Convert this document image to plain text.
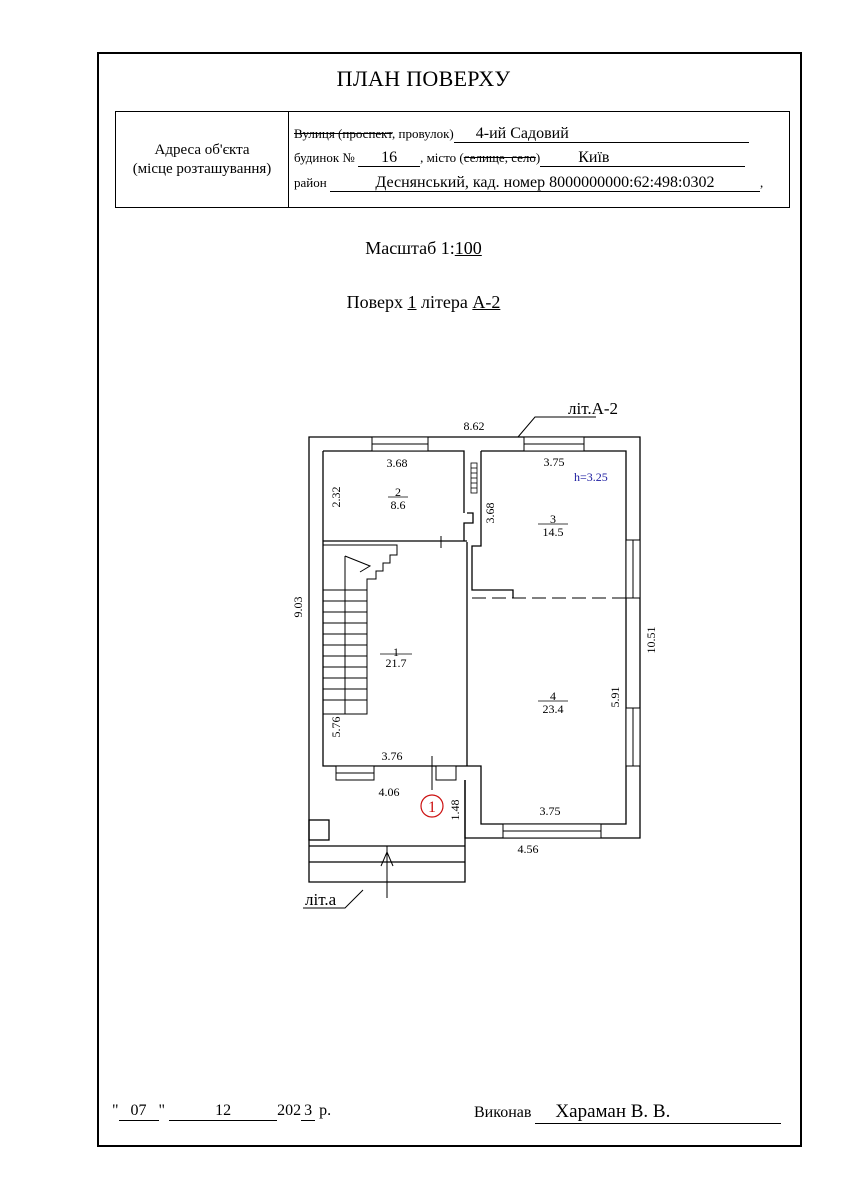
ПЛАН ПОВЕРХУ
Адреса об'єкта
(місце розташування)
Вулиця (проспект, провулок) 4-ий Садовий
будинок № 16 , місто (селище, село) Київ
район	Деснянський, кад. номер 8000000000:62:498:0302	,
Масштаб 1:100
Поверх 1 літера А-2
літ.А-2
літ.а
h=3.25
8.62
3.68	3.75
3.76
4.06
3.75
4.56
9.03
2.32
3.68
5.76
5.91
10.51
1.48
1
21.7
2
8.6
3
14.5
4
23.4
1
" 07 "	12	202 3 р.	Виконав Хараман В. В.
